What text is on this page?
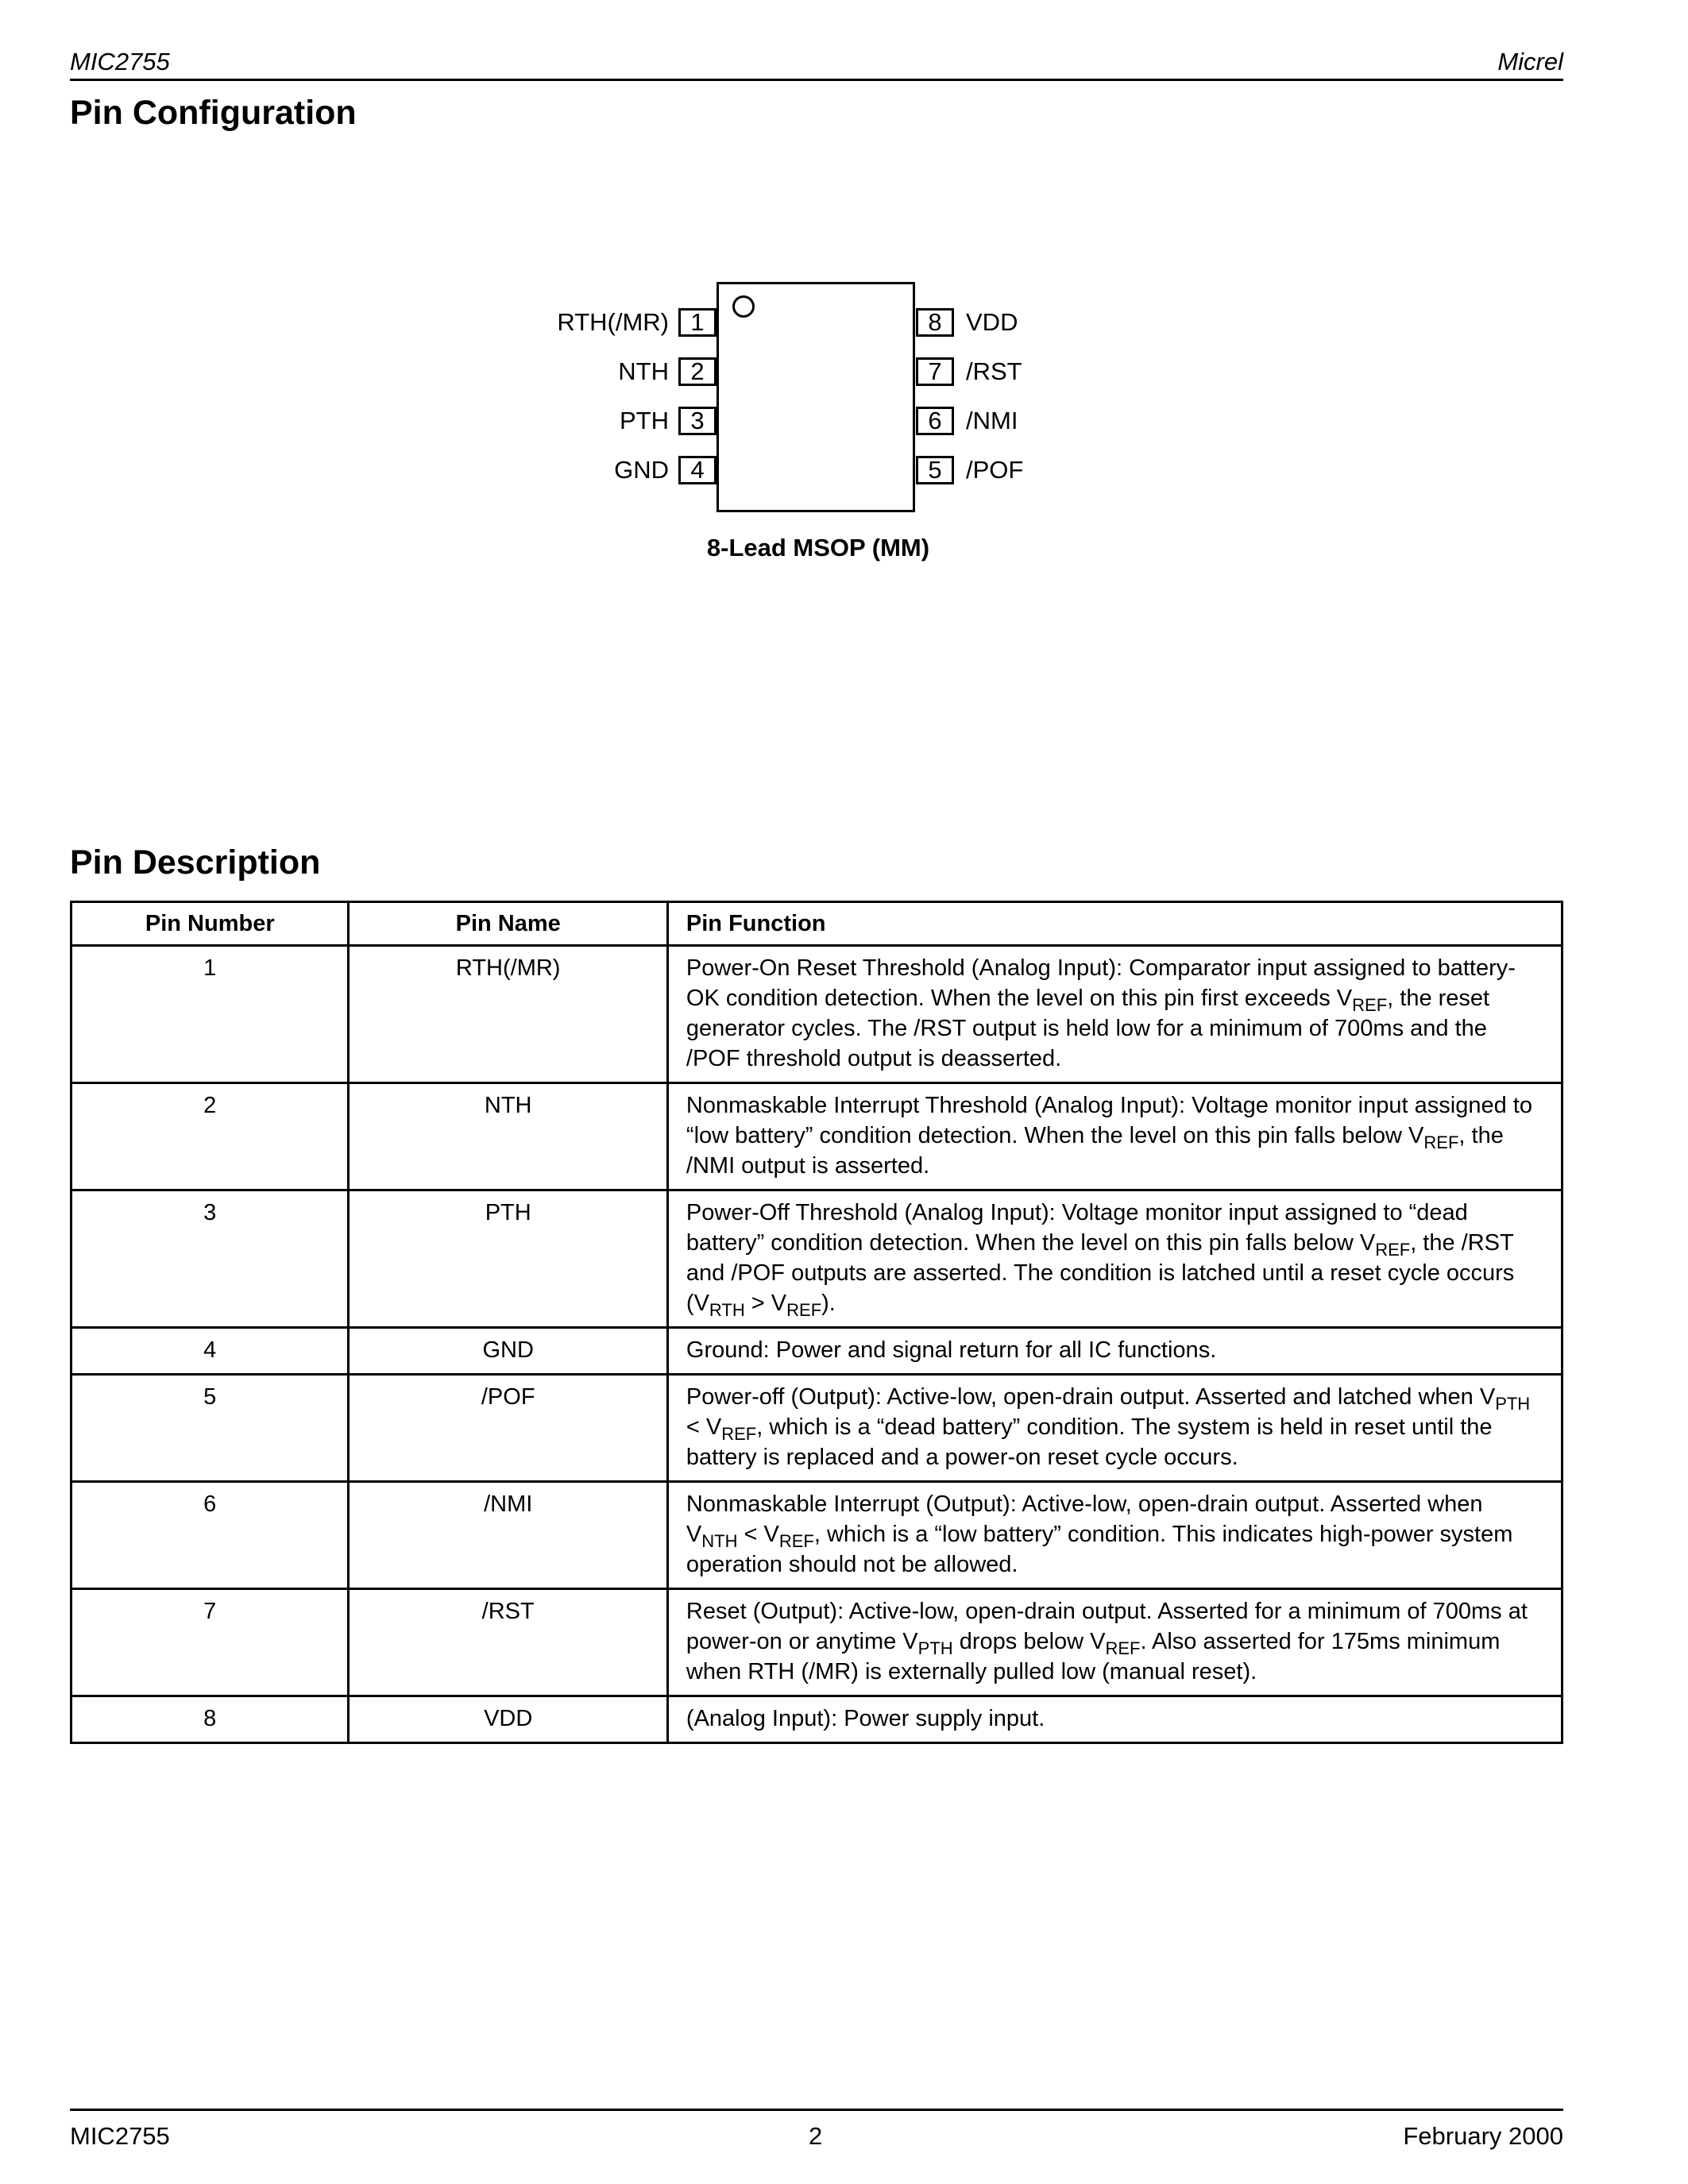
MIC2755	Micrel
Pin Configuration
1
RTH(/MR)
2
NTH
3
PTH
4
GND
8 VDD
7 /RST
6 /NMI
5 /POF
8-Lead MSOP (MM)
Pin Description
Pin Number	Pin Name	Pin Function
1	RTH(/MR)	Power-On Reset Threshold (Analog Input): Comparator input assigned to battery-OK condition detection. When the level on this pin first exceeds $V_{REF}$, the reset generator cycles. The /RST output is held low for a minimum of 700ms and the /POF threshold output is deasserted.
2	NTH	Nonmaskable Interrupt Threshold (Analog Input): Voltage monitor input assigned to “low battery” condition detection. When the level on this pin falls below $V_{REF}$, the /NMI output is asserted.
3	PTH	Power-Off Threshold (Analog Input): Voltage monitor input assigned to “dead battery” condition detection. When the level on this pin falls below $V_{REF}$, the /RST and /POF outputs are asserted. The condition is latched until a reset cycle occurs $(V_{RTH} > V_{REF})$.
4	GND	Ground: Power and signal return for all IC functions.
5	/POF	Power-off (Output): Active-low, open-drain output. Asserted and latched when $V_{PTH} < V_{REF}$, which is a “dead battery” condition. The system is held in reset until the battery is replaced and a power-on reset cycle occurs.
6	/NMI	Nonmaskable Interrupt (Output): Active-low, open-drain output. Asserted when $V_{NTH} < V_{REF}$, which is a “low battery” condition. This indicates high-power system operation should not be allowed.
7	/RST	Reset (Output): Active-low, open-drain output. Asserted for a minimum of 700ms at power-on or anytime $V_{PTH}$ drops below $V_{REF}$. Also asserted for 175ms minimum when RTH (/MR) is externally pulled low (manual reset).
8	VDD	(Analog Input): Power supply input.
MIC2755	2	February 2000
